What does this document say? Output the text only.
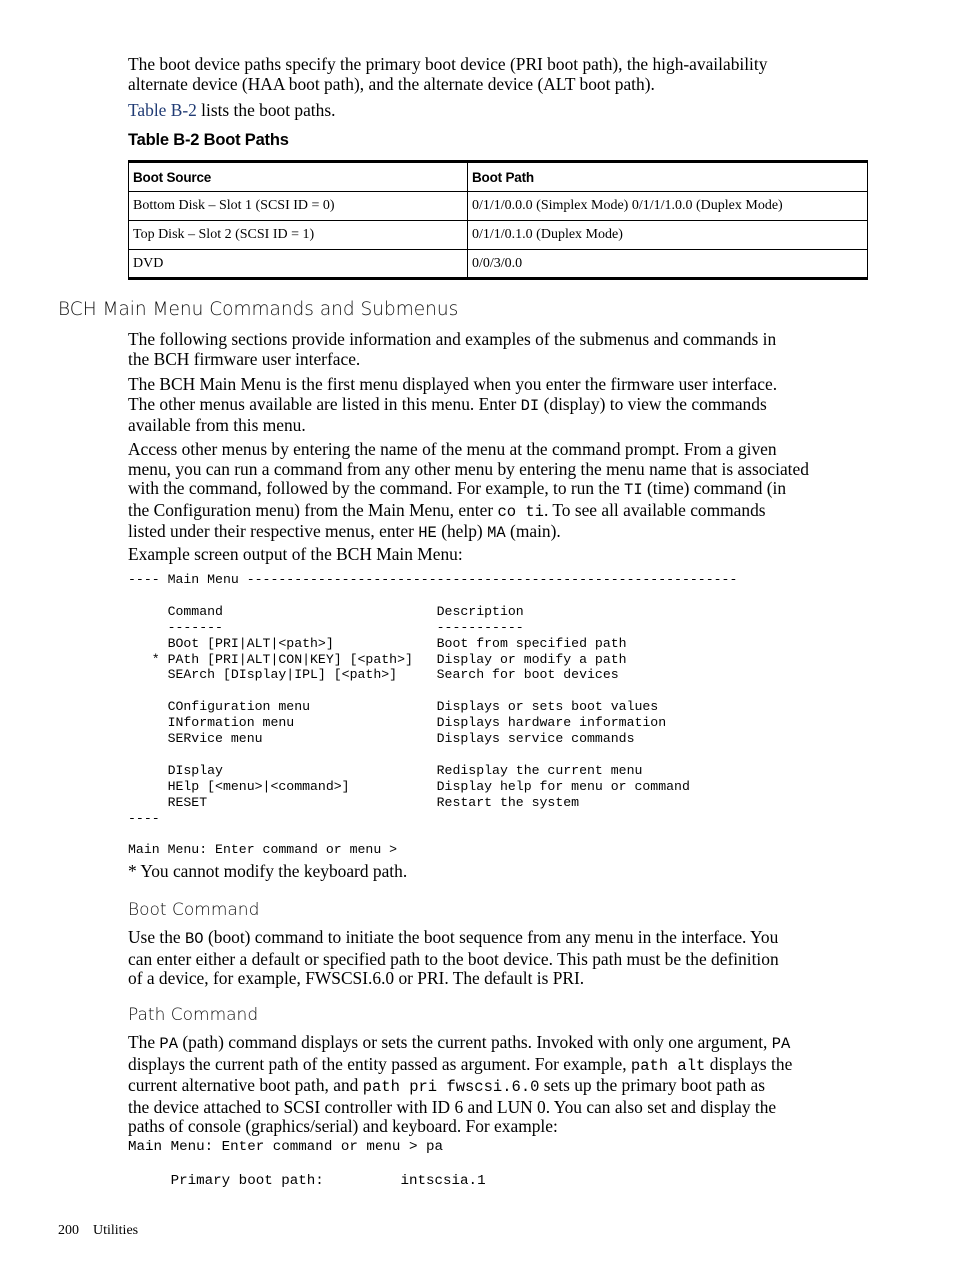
The boot device paths specify the primary boot device (PRI boot path), the high-availability
alternate device (HAA boot path), and the alternate device (ALT boot path).
Table B-2 lists the boot paths.
Table B-2 Boot Paths
Boot Source	Boot Path
Bottom Disk – Slot 1 (SCSI ID = 0)	0/1/1/0.0.0 (Simplex Mode) 0/1/1/1.0.0 (Duplex Mode)
Top Disk – Slot 2 (SCSI ID = 1)	0/1/1/0.1.0 (Duplex Mode)
DVD	0/0/3/0.0
BCH Main Menu Commands and Submenus
The following sections provide information and examples of the submenus and commands in
the BCH firmware user interface.
The BCH Main Menu is the first menu displayed when you enter the firmware user interface.
The other menus available are listed in this menu. Enter DI (display) to view the commands
available from this menu.
Access other menus by entering the name of the menu at the command prompt. From a given
menu, you can run a command from any other menu by entering the menu name that is associated
with the command, followed by the command. For example, to run the TI (time) command (in
the Configuration menu) from the Main Menu, enter co ti. To see all available commands
listed under their respective menus, enter HE (help) MA (main).
Example screen output of the BCH Main Menu:
---- Main Menu --------------------------------------------------------------

Command                           Description
-------                           -----------
BOot [PRI|ALT|<path>]             Boot from specified path
* PAth [PRI|ALT|CON|KEY] [<path>]   Display or modify a path
SEArch [DIsplay|IPL] [<path>]     Search for boot devices

COnfiguration menu                Displays or sets boot values
INformation menu                  Displays hardware information
SERvice menu                      Displays service commands

DIsplay                           Redisplay the current menu
HElp [<menu>|<command>]           Display help for menu or command
RESET                             Restart the system
----

Main Menu: Enter command or menu >
* You cannot modify the keyboard path.
Boot Command
Use the BO (boot) command to initiate the boot sequence from any menu in the interface. You
can enter either a default or specified path to the boot device. This path must be the definition
of a device, for example, FWSCSI.6.0 or PRI. The default is PRI.
Path Command
The PA (path) command displays or sets the current paths. Invoked with only one argument, PA
displays the current path of the entity passed as argument. For example, path alt displays the
current alternative boot path, and path pri fwscsi.6.0 sets up the primary boot path as
the device attached to SCSI controller with ID 6 and LUN 0. You can also set and display the
paths of console (graphics/serial) and keyboard. For example:
Main Menu: Enter command or menu > pa

Primary boot path:         intscsia.1
200 Utilities
